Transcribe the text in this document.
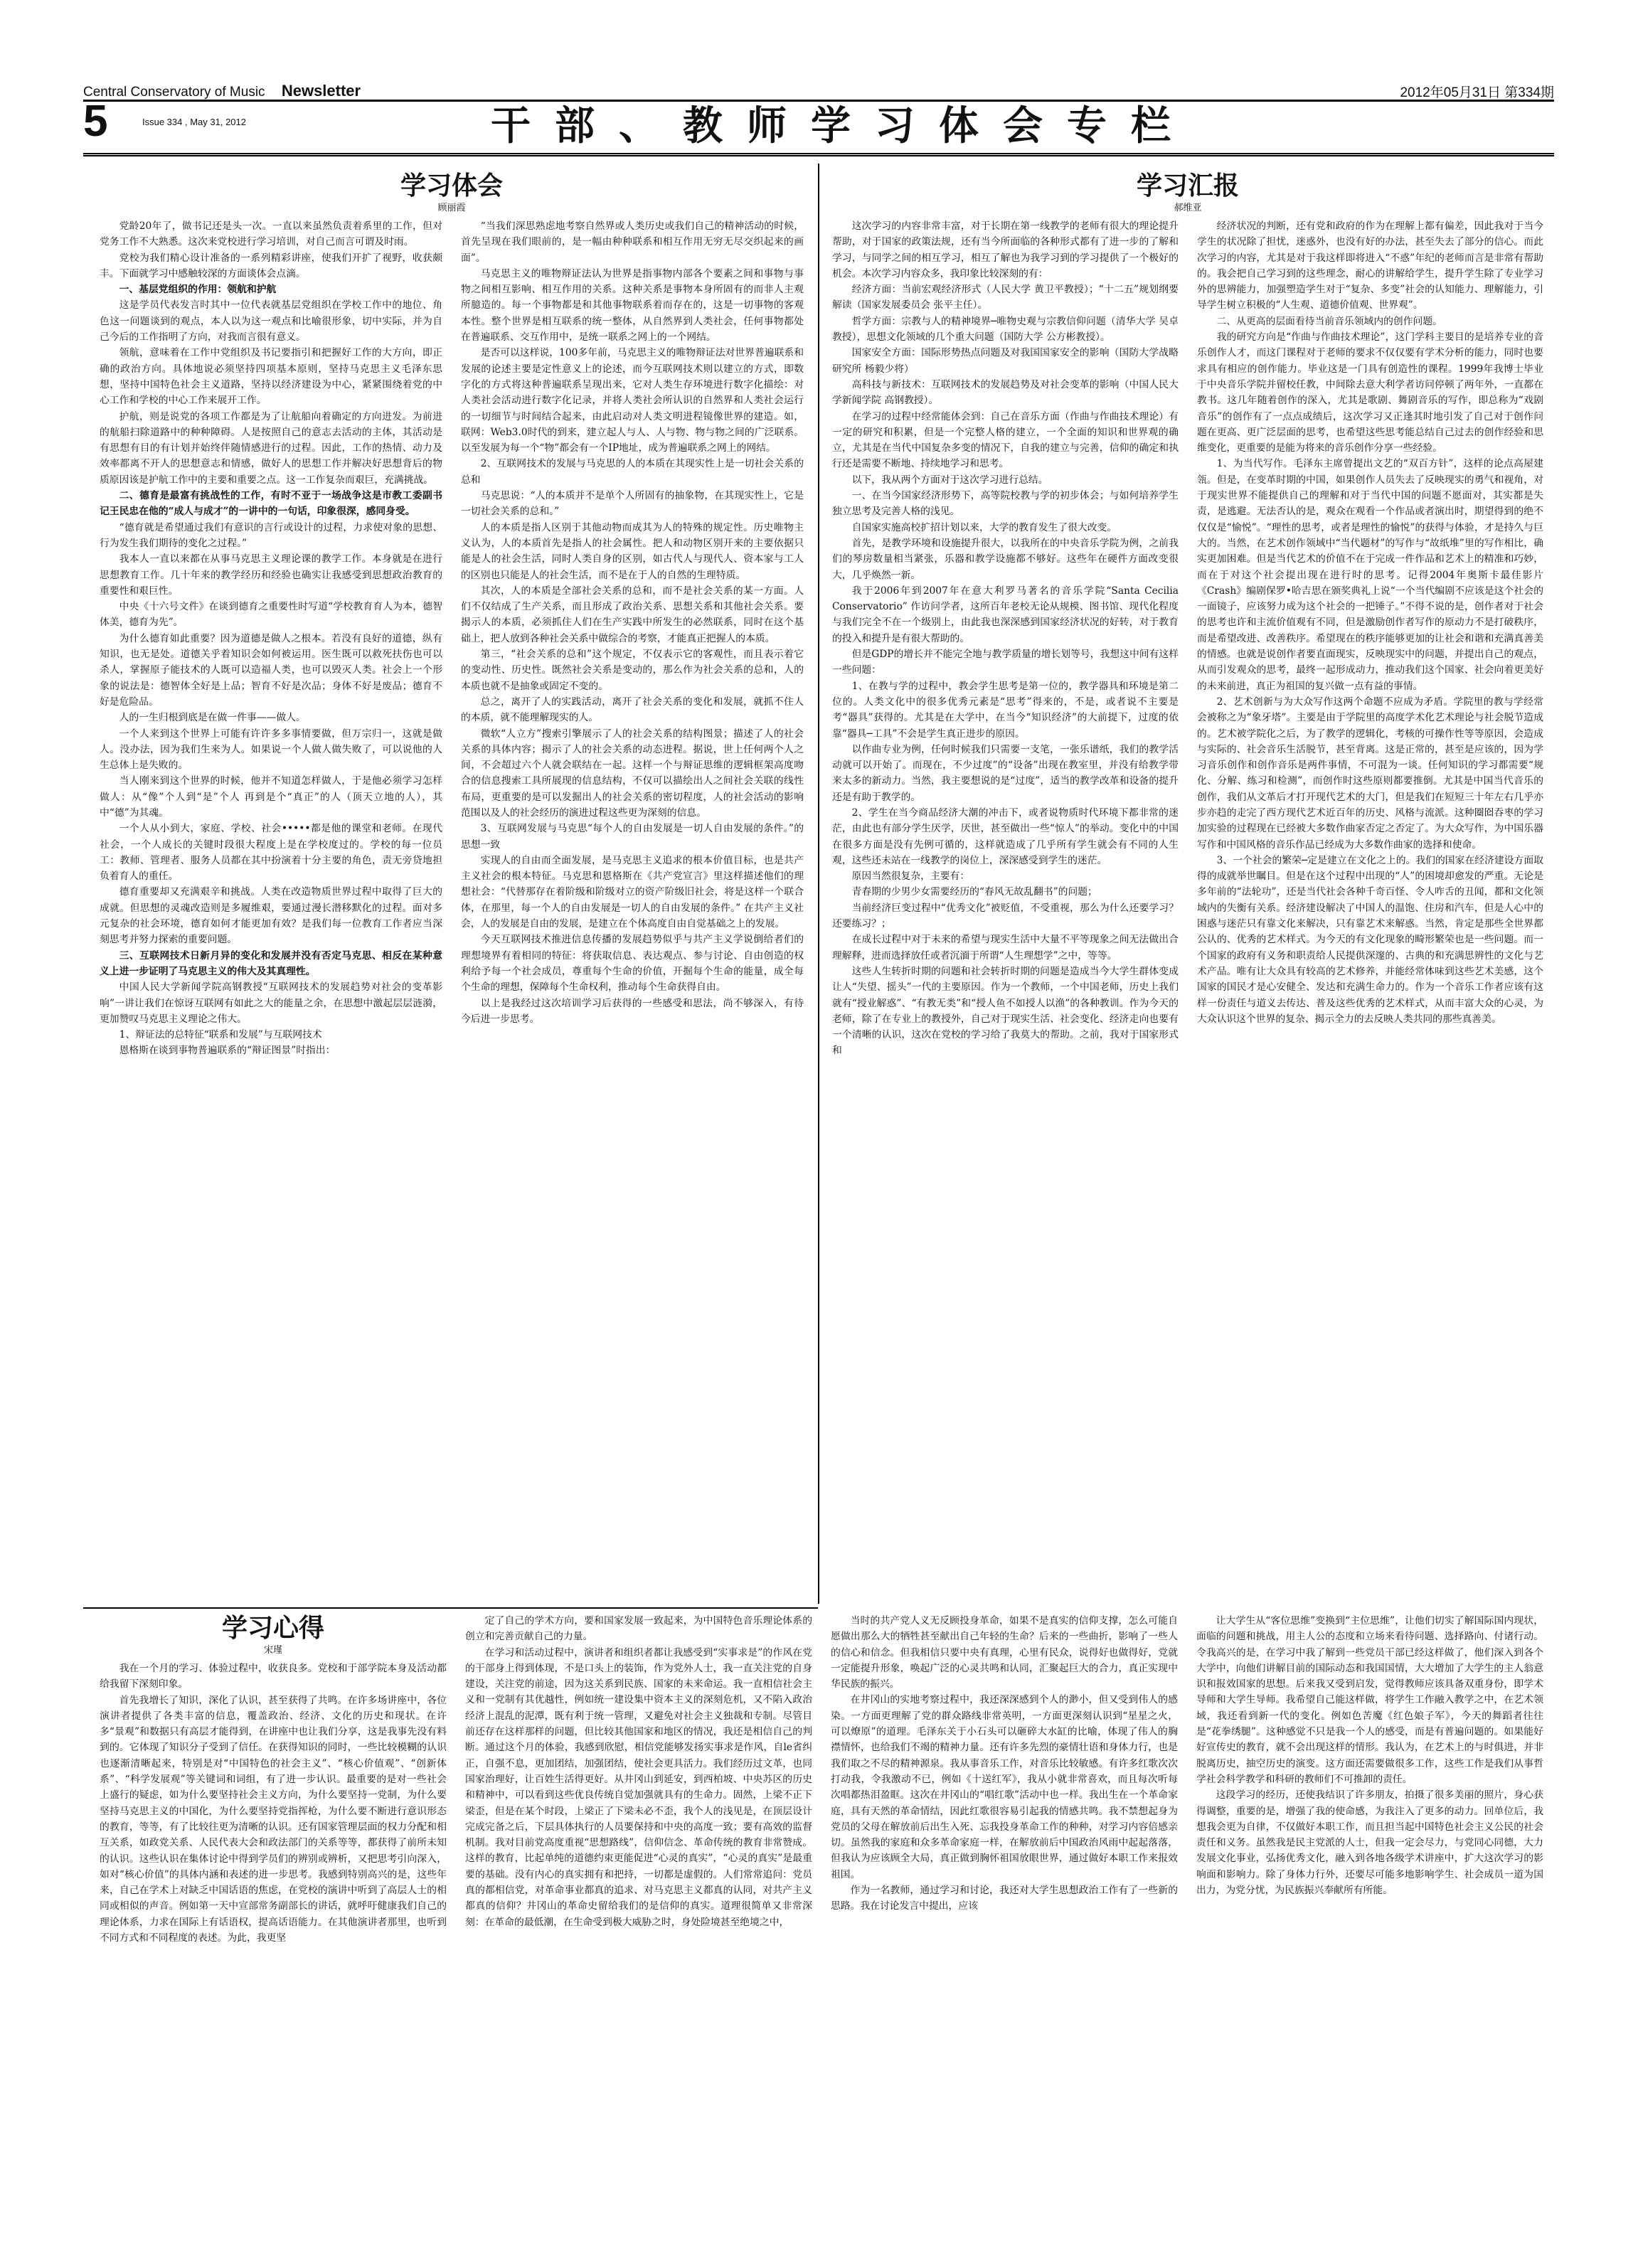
Central Conservatory of Music Newsletter	2012年05月31日 第334期
5	Issue 334 , May 31, 2012	干部、教师学习体会专栏
学习体会
顾丽霞

党龄20年了，做书记还是头一次。一直以来虽然负责着系里的工作，但对党务工作不大熟悉。这次来党校进行学习培训，对自己而言可谓及时雨。

党校为我们精心设计准备的一系列精彩讲座，使我们开扩了视野，收获颇丰。下面就学习中感触较深的方面谈体会点滴。

一、基层党组织的作用：领航和护航

这是学员代表发言时其中一位代表就基层党组织在学校工作中的地位、角色这一问题谈到的观点，本人以为这一观点和比喻很形象，切中实际，并为自己今后的工作指明了方向，对我而言很有意义。

领航，意味着在工作中党组织及书记要指引和把握好工作的大方向，即正确的政治方向。具体地说必须坚持四项基本原则，坚持马克思主义毛泽东思想，坚持中国特色社会主义道路，坚持以经济建设为中心，紧紧围绕着党的中心工作和学校的中心工作来展开工作。

护航，则是说党的各项工作都是为了让航船向着确定的方向进发。为前进的航船扫除道路中的种种障碍。人是按照自己的意志去活动的主体，其活动是有思想有目的有计划并始终伴随情感进行的过程。因此，工作的热情、动力及效率都离不开人的思想意志和情感，做好人的思想工作并解决好思想背后的物质原因该是护航工作中的主要和重要之点。这一工作复杂而艰巨，充满挑战。

二、德育是最富有挑战性的工作，有时不亚于一场战争这是市教工委副书记王民忠在他的“成人与成才”的一讲中的一句话，印象很深，感同身受。

“德育就是希望通过我们有意识的言行或设计的过程，力求使对象的思想、行为发生我们期待的变化之过程。”

我本人一直以来都在从事马克思主义理论课的教学工作。本身就是在进行思想教育工作。几十年来的教学经历和经验也确实让我感受到思想政治教育的重要性和艰巨性。

中央《十六号文件》在谈到德育之重要性时写道“学校教育育人为本，德智体美，德育为先”。

为什么德育如此重要？因为道德是做人之根本。若没有良好的道德，纵有知识，也无是处。道德关乎着知识会如何被运用。医生既可以救死扶伤也可以杀人，掌握原子能技术的人既可以造福人类，也可以毁灭人类。社会上一个形象的说法是：德智体全好是上品；智育不好是次品；身体不好是废品；德育不好是危险品。

人的一生归根到底是在做一件事——做人。

一个人来到这个世界上可能有许许多多事情要做，但万宗归一，这就是做人。没办法，因为我们生来为人。如果说一个人做人做失败了，可以说他的人生总体上是失败的。

当人刚来到这个世界的时候，他并不知道怎样做人，于是他必须学习怎样做人：从“像”个人到“是”个人 再到是个“真正”的人（顶天立地的人），其中“德”为其魂。

一个人从小到大，家庭、学校、社会•••••都是他的课堂和老师。在现代社会，一个人成长的关键时段很大程度上是在学校度过的。学校的每一位员工：教师、管理者、服务人员都在其中扮演着十分主要的角色，责无旁贷地担负着育人的重任。

德育重要却又充满艰辛和挑战。人类在改造物质世界过程中取得了巨大的成就。但思想的灵魂改造则是多履维艰，要通过漫长潜移默化的过程。面对多元复杂的社会环境，德育如何才能更加有效？是我们每一位教育工作者应当深刻思考并努力探索的重要问题。

三、互联网技术日新月异的变化和发展并没有否定马克思、相反在某种意义上进一步证明了马克思主义的伟大及其真理性。

中国人民大学新闻学院高钢教授“互联网技术的发展趋势对社会的变革影响”一讲让我们在惊讶互联网有如此之大的能量之余，在思想中激起层层涟漪，更加赞叹马克思主义理论之伟大。

1、辩证法的总特征“联系和发展”与互联网技术

恩格斯在谈到事物普遍联系的“辩证图景”时指出：

“当我们深思熟虑地考察自然界或人类历史或我们自己的精神活动的时候，首先呈现在我们眼前的，是一幅由种种联系和相互作用无穷无尽交织起来的画面”。

马克思主义的唯物辩证法认为世界是指事物内部各个要素之间和事物与事物之间相互影响、相互作用的关系。这种关系是事物本身所固有的而非人主观所臆造的。每一个事物都是和其他事物联系着而存在的，这是一切事物的客观本性。整个世界是相互联系的统一整体，从自然界到人类社会，任何事物都处在普遍联系、交互作用中，是统一联系之网上的一个网结。

是否可以这样说，100多年前，马克思主义的唯物辩证法对世界普遍联系和发展的论述主要是定性意义上的论述，而今互联网技术则以建立的方式，即数字化的方式将这种普遍联系呈现出来，它对人类生存环境进行数字化描绘：对人类社会活动进行数字化记录，并将人类社会所认识的自然界和人类社会运行的一切细节与时间结合起来，由此启动对人类文明进程镜像世界的建造。如，联网：Web3.0时代的到来，建立起人与人、人与物、物与物之间的广泛联系。以至发展为每一个“物”都会有一个IP地址，成为普遍联系之网上的网结。

2、互联网技术的发展与马克思的人的本质在其现实性上是一切社会关系的总和

马克思说：“人的本质并不是单个人所固有的抽象物，在其现实性上，它是一切社会关系的总和。”

人的本质是指人区别于其他动物而成其为人的特殊的规定性。历史唯物主义认为，人的本质首先是指人的社会属性。把人和动物区别开来的主要依据只能是人的社会生活，同时人类自身的区别，如古代人与现代人、资本家与工人的区别也只能是人的社会生活，而不是在于人的自然的生理特质。

其次，人的本质是全部社会关系的总和，而不是社会关系的某一方面。人们不仅结成了生产关系，而且形成了政治关系、思想关系和其他社会关系。要揭示人的本质，必须抓住人们在生产实践中所发生的必然联系，同时在这个基础上，把人放到各种社会关系中做综合的考察，才能真正把握人的本质。

第三，“社会关系的总和”这个规定，不仅表示它的客观性，而且表示着它的变动性、历史性。既然社会关系是变动的，那么作为社会关系的总和，人的本质也就不是抽象或固定不变的。

总之，离开了人的实践活动，离开了社会关系的变化和发展，就抓不住人的本质，就不能理解现实的人。

微软“人立方”搜索引擎展示了人的社会关系的结构图景；描述了人的社会关系的具体内容；揭示了人的社会关系的动态进程。据说，世上任何两个人之间，不会超过六个人就会联结在一起。这样一个与辩证思维的逻辑框架高度吻合的信息搜索工具所展现的信息结构，不仅可以描绘出人之间社会关联的线性布局，更重要的是可以发掘出人的社会关系的密切程度，人的社会活动的影响范围以及人的社会经历的演进过程这些更为深刻的信息。

3、互联网发展与马克思“每个人的自由发展是一切人自由发展的条件。”的思想一致

实现人的自由而全面发展，是马克思主义追求的根本价值目标，也是共产主义社会的根本特征。马克思和恩格斯在《共产党宣言》里这样描述他们的理想社会：“代替那存在着阶级和阶级对立的资产阶级旧社会，将是这样一个联合体，在那里，每一个人的自由发展是一切人的自由发展的条件。” 在共产主义社会，人的发展是自由的发展，是建立在个体高度自由自觉基础之上的发展。

今天互联网技术推进信息传播的发展趋势似乎与共产主义学说倒给者们的理想境界有着相同的特征：将获取信息、表达观点、参与讨论、自由创造的权利给予每一个社会成员，尊重每个生命的价值，开掘每个生命的能量，成全每个生命的理想，保障每个生命权利，推动每个生命获得自由。

以上是我经过这次培训学习后获得的一些感受和思法，尚不够深入，有待今后进一步思考。

学习汇报
郝维亚

这次学习的内容非常丰富，对于长期在第一线教学的老师有很大的理论提升帮助，对于国家的政策法规，还有当今所面临的各种形式都有了进一步的了解和学习，与同学之间的相互学习，相互了解也为我学习到的学习提供了一个极好的机会。本次学习内容众多，我印象比较深刻的有：

经济方面：当前宏观经济形式（人民大学 黄卫平教授）；“十二五”规划纲要解读（国家发展委员会 张平主任）。

哲学方面：宗教与人的精神境界─唯物史观与宗教信仰问题（清华大学 吴卓教授），思想文化领域的几个重大问题（国防大学 公方彬教授）。

国家安全方面：国际形势热点问题及对我国国家安全的影响（国防大学战略研究所 杨毅少将）

高科技与新技术：互联网技术的发展趋势及对社会变革的影响（中国人民大学新闻学院 高钢教授）。

在学习的过程中经常能体会到：自己在音乐方面（作曲与作曲技术理论）有一定的研究和积累，但是一个完整人格的建立，一个全面的知识和世界观的确立，尤其是在当代中国复杂多变的情况下，自我的建立与完善，信仰的确定和执行还是需要不断地、持续地学习和思考。

以下，我从两个方面对于这次学习进行总结。

一、在当今国家经济形势下，高等院校教与学的初步体会；与如何培养学生独立思考及完善人格的浅见。

自国家实施高校扩招计划以来，大学的教育发生了很大改变。

首先，是教学环境和设施提升很大，以我所在的中央音乐学院为例，之前我们的琴房数量相当紧张，乐器和教学设施都不够好。这些年在硬件方面改变很大，几乎焕然一新。

我于2006年到2007年在意大利罗马著名的音乐学院“Santa Cecilia Conservatorio” 作访问学者，这所百年老校无论从规模、图书馆、现代化程度与我们完全不在一个级别上，由此我也深深感到国家经济状况的好转，对于教育的投入和提升是有很大帮助的。

但是GDP的增长并不能完全地与教学质量的增长划等号，我想这中间有这样一些问题：

1、在教与学的过程中，教会学生思考是第一位的，教学器具和环境是第二位的。人类文化中的很多优秀元素是“思考”得来的，不是，或者说不主要是考“器具”获得的。尤其是在大学中，在当今“知识经济”的大前提下，过度的依靠“器具─工具”不会是学生真正进步的原因。

以作曲专业为例，任何时候我们只需要一支笔，一张乐谱纸，我们的教学活动就可以开始了。而现在，不少过度”的“设备”出现在教室里，并没有给教学带来太多的新动力。当然，我主要想说的是“过度”，适当的教学改革和设备的提升还是有助于教学的。

2、学生在当今商品经济大潮的冲击下，或者说物质时代环境下都非常的迷茫，由此也有部分学生厌学，厌世，甚至做出一些“惊人”的举动。变化中的中国在很多方面是没有先例可循的，这样就造成了几乎所有学生就会有不同的人生观，这些还未站在一线教学的岗位上，深深感受到学生的迷茫。

原因当然很复杂，主要有：

青春期的少男少女需要经历的“春风无故乱翻书”的问题；

当前经济巨变过程中“优秀文化”被贬值，不受重视，那么为什么还要学习？还要练习？；

在成长过程中对于未来的希望与现实生活中大量不平等现象之间无法做出合理解释，进而选择放任或者沉湎于所谓“人生理想学”之中，等等。

这些人生转折时期的问题和社会转折时期的问题是造成当今大学生群体变成让人“失望、摇头”一代的主要原因。作为一个教师，一个中国老师，历史上我们就有“授业解惑”、“有教无类”和“授人鱼不如授人以渔”的各种教训。作为今天的老师，除了在专业上的教授外，自己对于现实生活、社会变化、经济走向也要有一个清晰的认识，这次在党校的学习给了我莫大的帮助。之前，我对于国家形式和

经济状况的判断，还有党和政府的作为在理解上都有偏差，因此我对于当今学生的状况除了担忧，迷惑外，也没有好的办法，甚至失去了部分的信心。而此次学习的内容，尤其是对于我这样即将进入“不惑”年纪的老师而言是非常有帮助的。我会把自己学习到的这些理念，耐心的讲解给学生，提升学生除了专业学习外的思辨能力，加强塑造学生对于“复杂、多变”社会的认知能力、理解能力，引导学生树立积极的“人生观、道德价值观、世界观”。

二、从更高的层面看待当前音乐领域内的创作问题。

我的研究方向是“作曲与作曲技术理论”，这门学科主要目的是培养专业的音乐创作人才，而这门课程对于老师的要求不仅仅要有学术分析的能力，同时也要求具有相应的创作能力。毕业这是一门具有创造性的课程。1999年我博士毕业于中央音乐学院并留校任教，中间除去意大利学者访问停顿了两年外，一直都在教书。这几年随着创作的深入，尤其是歌剧、舞剧音乐的写作，即总称为“戏剧音乐”的创作有了一点点成绩后，这次学习又正逢其时地引发了自己对于创作问题在更高、更广泛层面的思考，也希望这些思考能总结自己过去的创作经验和思维变化，更重要的是能为将来的音乐创作分享一些经验。

1、为当代写作。毛泽东主席曾提出文艺的“双百方针”，这样的论点高屋建瓴。但是，在变革时期的中国，如果创作人员失去了反映现实的勇气和视角，对于现实世界不能提供自己的理解和对于当代中国的问题不愿面对，其实都是失责，是逃避。无法否认的是，观众在观看一个作品或者演出时，期望得到的绝不仅仅是“愉悦”。“理性的思考，或者是理性的愉悦”的获得与体验，才是持久与巨大的。当然，在艺术创作领域中“当代题材”的写作与“故纸堆”里的写作相比，确实更加困难。但是当代艺术的价值不在于完成一件作品和艺术上的精准和巧妙，而在于对这个社会提出现在进行时的思考。记得2004年奥斯卡最佳影片《Crash》编剧保罗•哈吉思在颁奖典礼上说“一个当代编剧不应该是这个社会的一面镜子，应该努力成为这个社会的一把锤子。”不得不说的是，创作者对于社会的思考也许和主流价值观有不同，但是激励创作者写作的原动力不是打破秩序，而是希望改进、改善秩序。希望现在的秩序能够更加的让社会和谐和充满真善美的情感。也就是说创作者要直面现实，反映现实中的问题，并提出自己的观点，从而引发观众的思考，最终一起形成动力，推动我们这个国家、社会向着更美好的未来前进，真正为祖国的复兴做一点有益的事情。

2、艺术创新与为大众写作这两个命题不应成为矛盾。学院里的教与学经常会被称之为“象牙塔”。主要是由于学院里的高度学术化艺术理论与社会脱节造成的。艺术被学院化之后，为了教学的逻辑化，考核的可操作性等等原因，会造成与实际的、社会音乐生活脱节，甚至背离。这是正常的，甚至是应该的，因为学习音乐创作和创作音乐是两件事情，不可混为一谈。任何知识的学习都需要“规化、分解、练习和检测”，而创作时这些原则都要推倒。尤其是中国当代音乐的创作，我们从文革后才打开现代艺术的大门，但是我们在短短三十年左右几乎亦步亦趋的走完了西方现代艺术近百年的历史、风格与流派。这种圈囵吞枣的学习加实验的过程现在已经被大多数作曲家否定之否定了。为大众写作，为中国乐器写作和中国风格的音乐作品已经成为大多数作曲家的选择和使命。

3、一个社会的繁荣─定是建立在文化之上的。我们的国家在经济建设方面取得的成就举世瞩目。但是在这个过程中出现的“人”的困境却愈发的严重。无论是多年前的“法轮功”，还是当代社会各种千奇百怪、令人咋舌的丑闻，都和文化领域内的失衡有关系。经济建设解决了中国人的温饱、住房和汽车，但是人心中的困惑与迷茫只有靠文化来解决，只有靠艺术来解惑。当然，肯定是那些全世界都公认的、优秀的艺术样式。为今天的有文化现象的畸形繁荣也是一些问题。而一个国家的政府有义务和职责给人民提供深邃的、古典的和充满思辨性的文化与艺术产品。唯有让大众具有较高的艺术修养，并能经常体味到这些艺术美感，这个国家的国民才是心安健全、发达和充满生命力的。作为一个音乐工作者应该有这样一份责任与道义去传达、普及这些优秀的艺术样式，从而丰富大众的心灵，为大众认识这个世界的复杂、揭示全力的去反映人类共同的那些真善美。

学习心得
宋瑾

我在一个月的学习、体验过程中，收获良多。党校和于部学院本身及活动都给我留下深刻印象。

首先我增长了知识，深化了认识，甚至获得了共鸣。在许多场讲座中，各位演讲者提供了各类丰富的信息，覆盖政治、经济、文化的历史和现状。在许多“景观”和数据只有高层才能得到，在讲座中也让我们分享，这是我事先没有料到的。它体现了知识分子受到了信任。在获得知识的同时，一些比较模糊的认识也逐渐清晰起来，特别是对“中国特色的社会主义”、“核心价值观”、“创新体系”、“科学发展观”等关键词和词组，有了进一步认识。最重要的是对一些社会上盛行的疑虑，如为什么要坚持社会主义方向，为什么要坚持一党制，为什么要坚持马克思主义的中国化，为什么要坚持党指挥枪，为什么要不断进行意识形态的教育，等等，有了比较往更为清晰的认识。还有国家管理层面的权力分配和相互关系，如政党关系、人民代表大会和政法部门的关系等等，都获得了前所未知的认识。这些认识在集体讨论中得到学员们的辨别或辨析，又把思考引向深入，如对“核心价值”的具体内涵和表述的进一步思考。我感到特别高兴的是，这些年来，自己在学术上对缺乏中国话语的焦虑，在党校的演讲中听到了高层人士的相同或相似的声音。例如第一天中宣部常务副部长的讲话，就呼吁健康我们自己的理论体系，力求在国际上有话语权，提高话语能力。在其他演讲者那里，也听到不同方式和不同程度的表述。为此，我更坚

定了自己的学术方向，要和国家发展一致起来，为中国特色音乐理论体系的创立和完善贡献自己的力量。

在学习和活动过程中，演讲者和组织者都让我感受到“实事求是”的作风在党的干部身上得到体现，不是口头上的装饰，作为党外人士，我一直关注党的自身建设，关注党的前途，因为这关系到民族、国家的未来命运。我一直相信社会主义和一党制有其优越性，例如统一建设集中资本主义的深刻危机，又不陷入政治经济上混乱的泥潭，既有利于统一管理，又避免对社会主义独裁和专制。尽管目前还存在这样那样的问题，但比较其他国家和地区的情况，我还是相信自己的判断。通过这个月的体验，我感到欣慰，相信党能够发扬实事求是作风，自le省纠正，自强不息，更加团结，加强团结，使社会更具活力。我们经历过文革，也同国家治理好，让百姓生活得更好。从井冈山到延安，到西柏坡、中央苏区的历史和精神中，可以看到这些优良传统自觉加强就具有的生命力。固然，上梁不正下梁歪，但是在某个时段，上梁正了下梁未必不歪，我个人的浅见是，在顶层设计完成完备之后，下层具体执行的人员要保持和中央的高度一致；要有高效的监督机制。我对目前党高度重视“思想路线”，信仰信念、革命传统的教育非常赞成。这样的教育，比起单纯的道德约束更能促进“心灵的真实”，“心灵的真实”是最重要的基础。没有内心的真实拥有和把持，一切都是虚假的。人们常常追问：党员真的都相信党，对革命事业都真的追求、对马克思主义都真的认同，对共产主义都真的信仰？井冈山的革命史留给我们的是信仰的真实。道理很简单又非常深刻：在革命的最低潮，在生命受到极大威胁之时，身处险境甚至绝境之中，

当时的共产党人义无反顾投身革命，如果不是真实的信仰支撑，怎么可能自愿做出那么大的牺牲甚至献出自己年轻的生命？后来的一些曲折，影响了一些人的信心和信念。但我相信只要中央有真理，心里有民众，说得好也做得好，党就一定能提升形象，唤起广泛的心灵共鸣和认同，汇聚起巨大的合力，真正实现中华民族的振兴。

在井冈山的实地考察过程中，我还深深感到个人的渺小，但又受到伟人的感染。一方面更理解了党的群众路线非常英明，一方面更深刻认识到“星星之火，可以燎原”的道理。毛泽东关于小石头可以砸碎大水缸的比喻，体现了伟人的胸襟情怀，也给我们不竭的精神力量。还有许多先烈的豪情壮语和身体力行，也是我们取之不尽的精神源泉。我从事音乐工作，对音乐比较敏感。有许多红歌次次打动我，令我激动不已，例如《十送红军》，我从小就非常喜欢，而且每次听每次唱都热泪盈眶。这次在井冈山的“唱红歌”活动中也一样。我出生在一个革命家庭，具有天然的革命情结，因此红歌很容易引起我的情感共鸣。我不禁想起身为党员的父母在解放前后出生入死、忘我投身革命工作的种种，对学习内容倍感亲切。虽然我的家庭和众多革命家庭一样，在解放前后中国政治风雨中起起落落，但我认为应该顾全大局，真正做到胸怀祖国放眼世界，通过做好本职工作来报效祖国。

作为一名教师，通过学习和讨论，我还对大学生思想政治工作有了一些新的思路。我在讨论发言中提出，应该

让大学生从“客位思维”变换到“主位思维”，让他们切实了解国际国内现状，面临的问题和挑战，用主人公的态度和立场来看待问题、选择路向、付诸行动。令我高兴的是，在学习中我了解到一些党员干部已经这样做了，他们深入到各个大学中，向他们讲解目前的国际动态和我国国情，大大增加了大学生的主人翁意识和报效国家的思想。后来我又受到启发，觉得教师应该具备双重身份，即学术导师和大学生导师。我希望自己能这样做，将学生工作融入教学之中，在艺术领域，我还看到新一代的变化。例如色苦魔《红色娘子军》，今天的舞蹈者往往是“花拳绣腿”。这种感觉不只是我一个人的感受，而是有普遍问题的。如果能好好宣传史的教育，就不会出现这样的情形。我认为，在艺术上的与时俱进，并非脱离历史，抽空历史的演变。这方面还需要做很多工作，这些工作是我们从事哲学社会科学教学和科研的教师们不可推卸的责任。

这段学习的经历，还使我结识了许多朋友，拍摄了很多美丽的照片，身心获得调整，重要的是，增强了我的使命感，为我注入了更多的动力。回单位后，我想我会更为自律，不仅做好本职工作，而且担当起中国特色社会主义公民的社会责任和义务。虽然我是民主党派的人士，但我一定会尽力，与党同心同德，大力发展文化事业，弘扬优秀文化，融入到各地各级学术讲座中，扩大这次学习的影响面和影响力。除了身体力行外，还要尽可能多地影响学生、社会成员一道为国出力，为党分忧，为民族振兴奉献所有所能。
